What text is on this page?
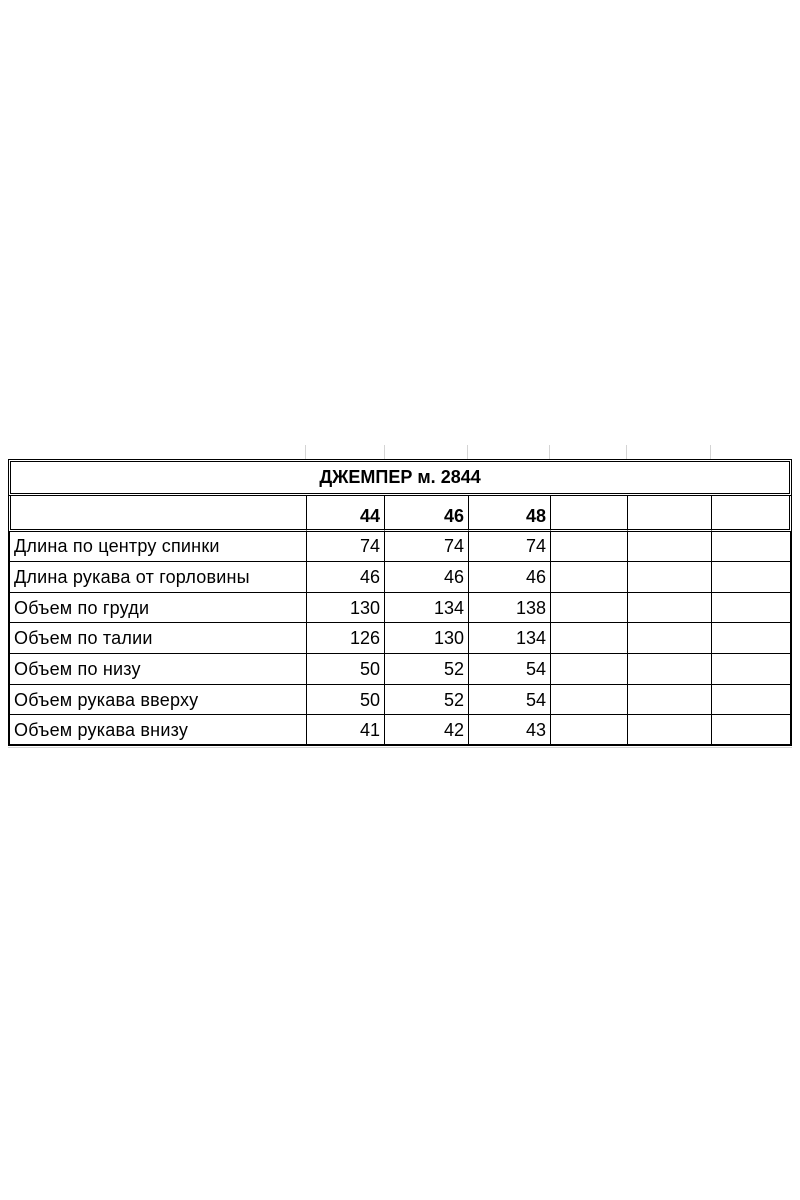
ДЖЕМПЕР м. 2844						
	44	46	48			
Длина по центру спинки	74	74	74			
Длина рукава от горловины	46	46	46			
Объем по груди	130	134	138			
Объем по талии	126	130	134			
Объем по низу	50	52	54			
Объем рукава вверху	50	52	54			
Объем рукава внизу	41	42	43			
